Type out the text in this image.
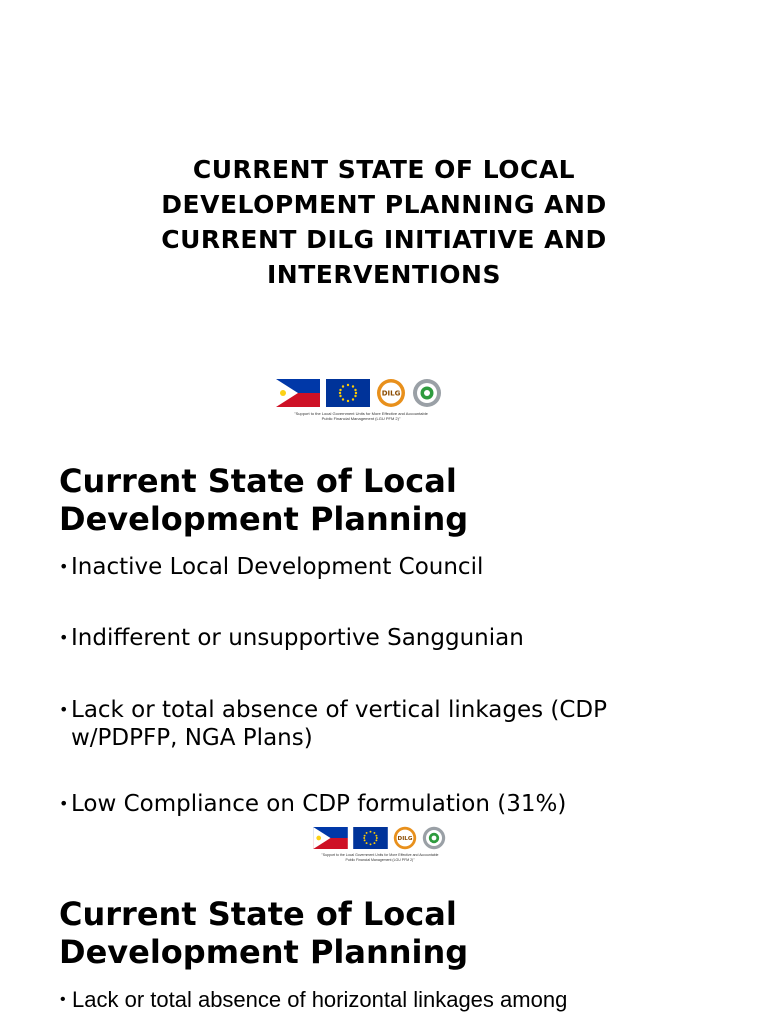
CURRENT STATE OF LOCAL DEVELOPMENT PLANNING AND CURRENT DILG INITIATIVE AND INTERVENTIONS
DILG
"Support to the Local Government Units for More Effective and Accountable
Public Financial Management (LGU PFM 2)"
Current State of Local Development Planning
• Inactive Local Development Council
• Indifferent or unsupportive Sanggunian
• Lack or total absence of vertical linkages (CDP w/PDPFP, NGA Plans)
• Low Compliance on CDP formulation (31%)
DILG
"Support to the Local Government Units for More Effective and Accountable
Public Financial Management (LGU PFM 2)"
Current State of Local Development Planning
• Lack or total absence of horizontal linkages among
